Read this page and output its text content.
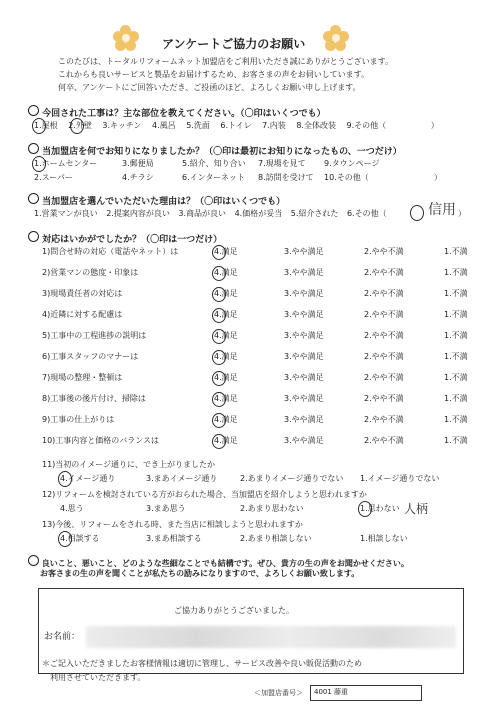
アンケートご協力のお願い
このたびは、トータルリフォームネット加盟店をご利用いただき誠にありがとうございます。
これからも良いサービスと製品をお届けするため、お客さまの声をお伺いしています。
何卒、アンケートにご回答いただき、ご投函のほど、よろしくお願い申し上げます。
今回された工事は？主な部位を教えてください。（〇印はいくつでも）
1.屋根 2.外壁 3.キッチン 4.風呂 5.洗面 6.トイレ 7.内装 8.全体改装 9.その他（	）
当加盟店を何でお知りになりましたか？（〇印は最初にお知りになったもの、一つだけ）
1.ホームセンター	3.郵便局	5.紹介、知り合い 7.現場を見て 9.タウンページ
2.スーパー	4.チラシ	6.インターネット 8.訪問を受けて 10.その他（	）
当加盟店を選んでいただいた理由は？（〇印はいくつでも）
1.営業マンが良い 2.提案内容が良い 3.商品が良い 4.価格が妥当 5.紹介された 6.その他（	信用 ）
対応はいかがでしたか？（〇印は一つだけ）
1)問合せ時の対応（電話やネット）は	4.満足	3.やや満足	2.やや不満	1.不満
2)営業マンの態度・印象は	4.満足	3.やや満足	2.やや不満	1.不満
3)現場責任者の対応は	4.満足	3.やや満足	2.やや不満	1.不満
4)近隣に対する配慮は	4.満足	3.やや満足	2.やや不満	1.不満
5)工事中の工程進捗の説明は	4.満足	3.やや満足	2.やや不満	1.不満
6)工事スタッフのマナーは	4.満足	3.やや満足	2.やや不満	1.不満
7)現場の整理・整頓は	4.満足	3.やや満足	2.やや不満	1.不満
8)工事後の後片付け、掃除は	4.満足	3.やや満足	2.やや不満	1.不満
9)工事の仕上がりは	4.満足	3.やや満足	2.やや不満	1.不満
10)工事内容と価格のバランスは	4.満足	3.やや満足	2.やや不満	1.不満
11)当初のイメージ通りに、でき上がりましたか
4.イメージ通り	3.まあイメージ通り	2.あまりイメージ通りでない 1.イメージ通りでない
12)リフォームを検討されている方がおられた場合、当加盟店を紹介しようと思われますか
4.思う	3.まあ思う	2.あまり思わない	1.思わない 人柄
13)今後、リフォームをされる時、また当店に相談しようと思われますか
4.相談する	3.まあ相談する	2.あまり相談しない	1.相談しない
良いこと、悪いこと、どのような些細なことでも結構です。ぜひ、貴方の生の声をお聞かせください。
お客さまの生の声を聞くことが私たちの励みになりますので、よろしくお願い致します。
ご協力ありがとうございました。
お名前：
＊ご記入いただきましたお客様情報は適切に管理し、サービス改善や良い販促活動のため
利用させていただきます。
＜加盟店番号＞ 4001 藤重
